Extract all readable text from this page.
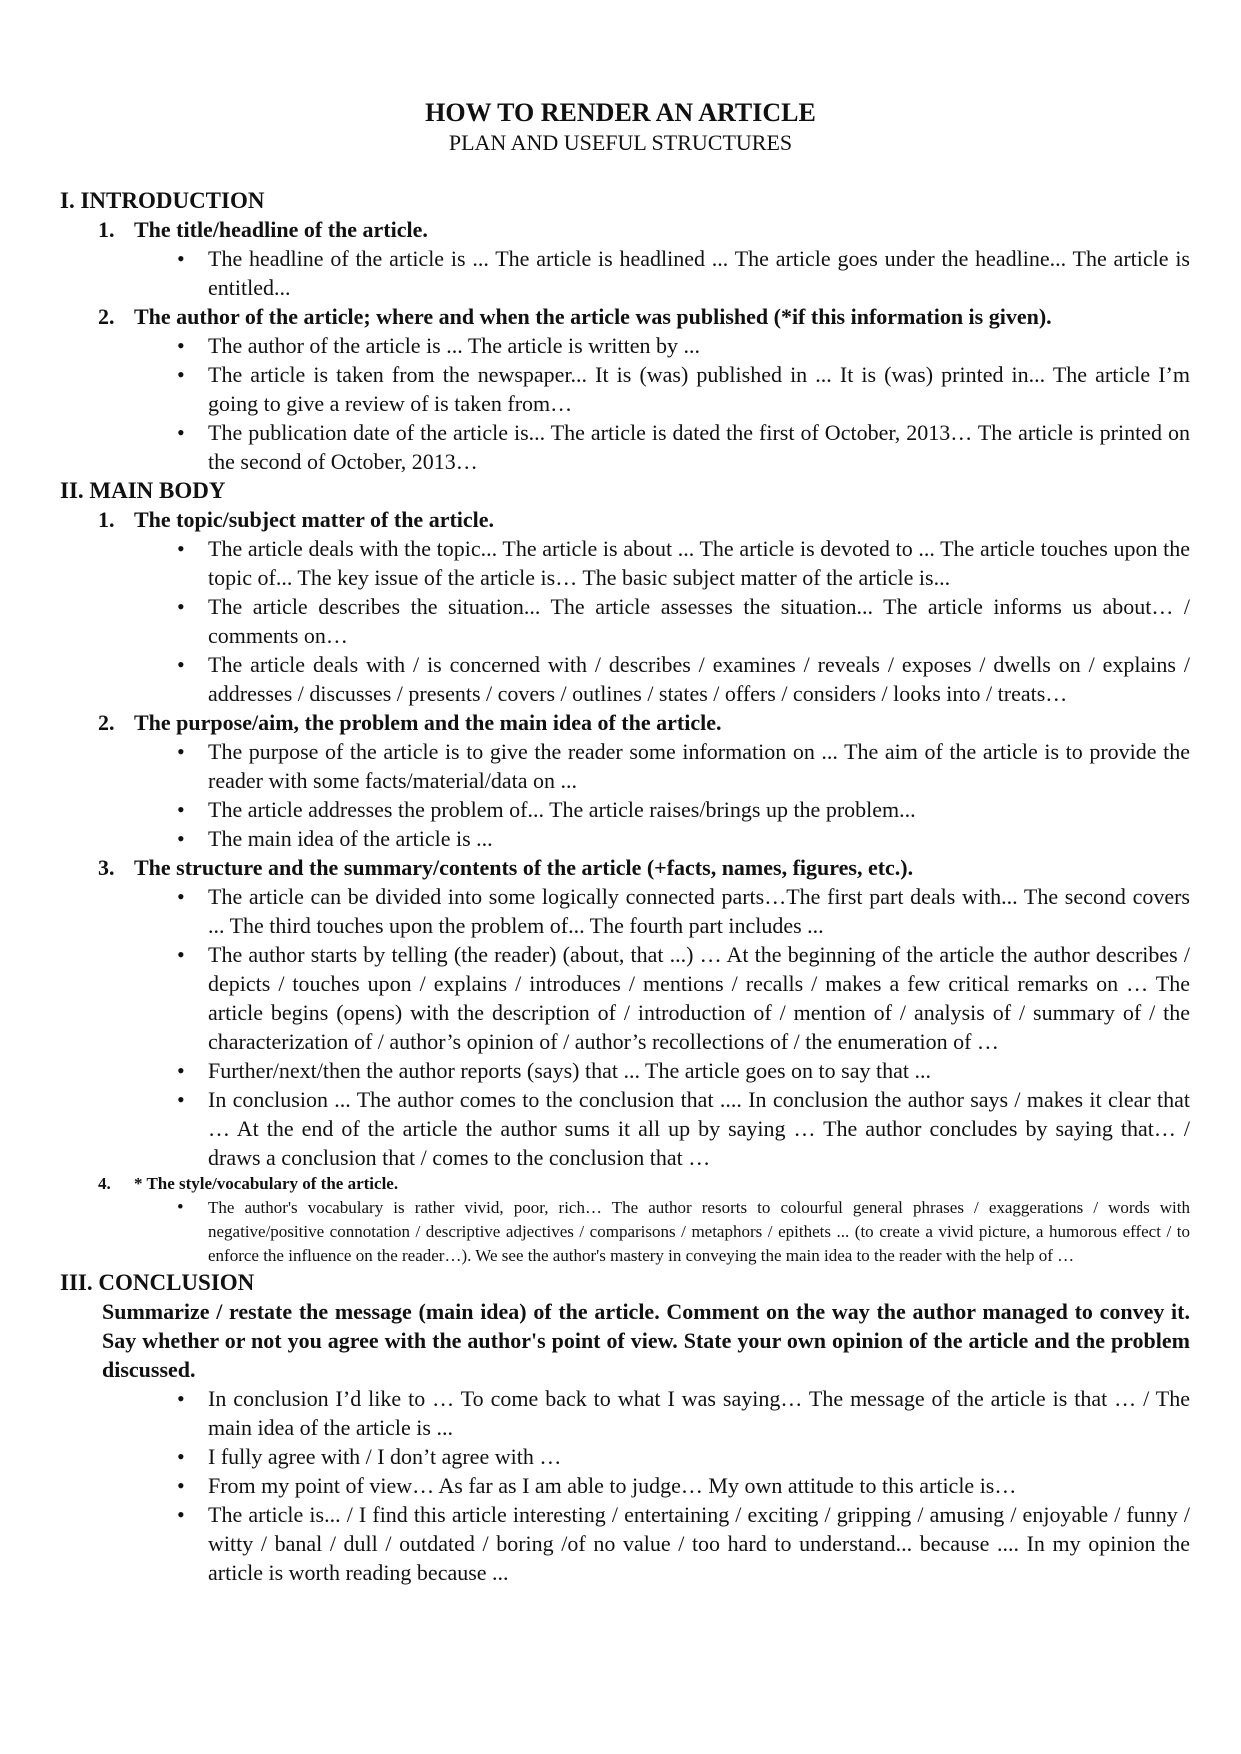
HOW TO RENDER AN ARTICLE
PLAN AND USEFUL STRUCTURES
I. INTRODUCTION
1. The title/headline of the article.
• The headline of the article is ... The article is headlined ... The article goes under the headline... The article is entitled...
2. The author of the article; where and when the article was published (*if this information is given).
• The author of the article is ... The article is written by ...
• The article is taken from the newspaper... It is (was) published in ... It is (was) printed in... The article I’m going to give a review of is taken from…
• The publication date of the article is... The article is dated the first of October, 2013… The article is printed on the second of October, 2013…
II. MAIN BODY
1. The topic/subject matter of the article.
• The article deals with the topic... The article is about ... The article is devoted to ... The article touches upon the topic of... The key issue of the article is… The basic subject matter of the article is...
• The article describes the situation... The article assesses the situation... The article informs us about… / comments on…
• The article deals with / is concerned with / describes / examines / reveals / exposes / dwells on / explains / addresses / discusses / presents / covers / outlines / states / offers / considers / looks into / treats…
2. The purpose/aim, the problem and the main idea of the article.
• The purpose of the article is to give the reader some information on ... The aim of the article is to provide the reader with some facts/material/data on ...
• The article addresses the problem of... The article raises/brings up the problem...
• The main idea of the article is ...
3. The structure and the summary/contents of the article (+facts, names, figures, etc.).
• The article can be divided into some logically connected parts…The first part deals with... The second covers ... The third touches upon the problem of... The fourth part includes ...
• The author starts by telling (the reader) (about, that ...) … At the beginning of the article the author describes / depicts / touches upon / explains / introduces / mentions / recalls / makes a few critical remarks on … The article begins (opens) with the description of / introduction of / mention of / analysis of / summary of / the characterization of / author’s opinion of / author’s recollections of / the enumeration of …
• Further/next/then the author reports (says) that ... The article goes on to say that ...
• In conclusion ... The author comes to the conclusion that .... In conclusion the author says / makes it clear that … At the end of the article the author sums it all up by saying … The author concludes by saying that… / draws a conclusion that / comes to the conclusion that …
4. * The style/vocabulary of the article.
• The author's vocabulary is rather vivid, poor, rich… The author resorts to colourful general phrases / exaggerations / words with negative/positive connotation / descriptive adjectives / comparisons / metaphors / epithets ... (to create a vivid picture, a humorous effect / to enforce the influence on the reader…). We see the author's mastery in conveying the main idea to the reader with the help of …
III. CONCLUSION
Summarize / restate the message (main idea) of the article. Comment on the way the author managed to convey it. Say whether or not you agree with the author's point of view. State your own opinion of the article and the problem discussed.
• In conclusion I’d like to … To come back to what I was saying… The message of the article is that … / The main idea of the article is ...
• I fully agree with / I don’t agree with …
• From my point of view… As far as I am able to judge… My own attitude to this article is…
• The article is... / I find this article interesting / entertaining / exciting / gripping / amusing / enjoyable / funny / witty / banal / dull / outdated / boring /of no value / too hard to understand... because .... In my opinion the article is worth reading because ...
